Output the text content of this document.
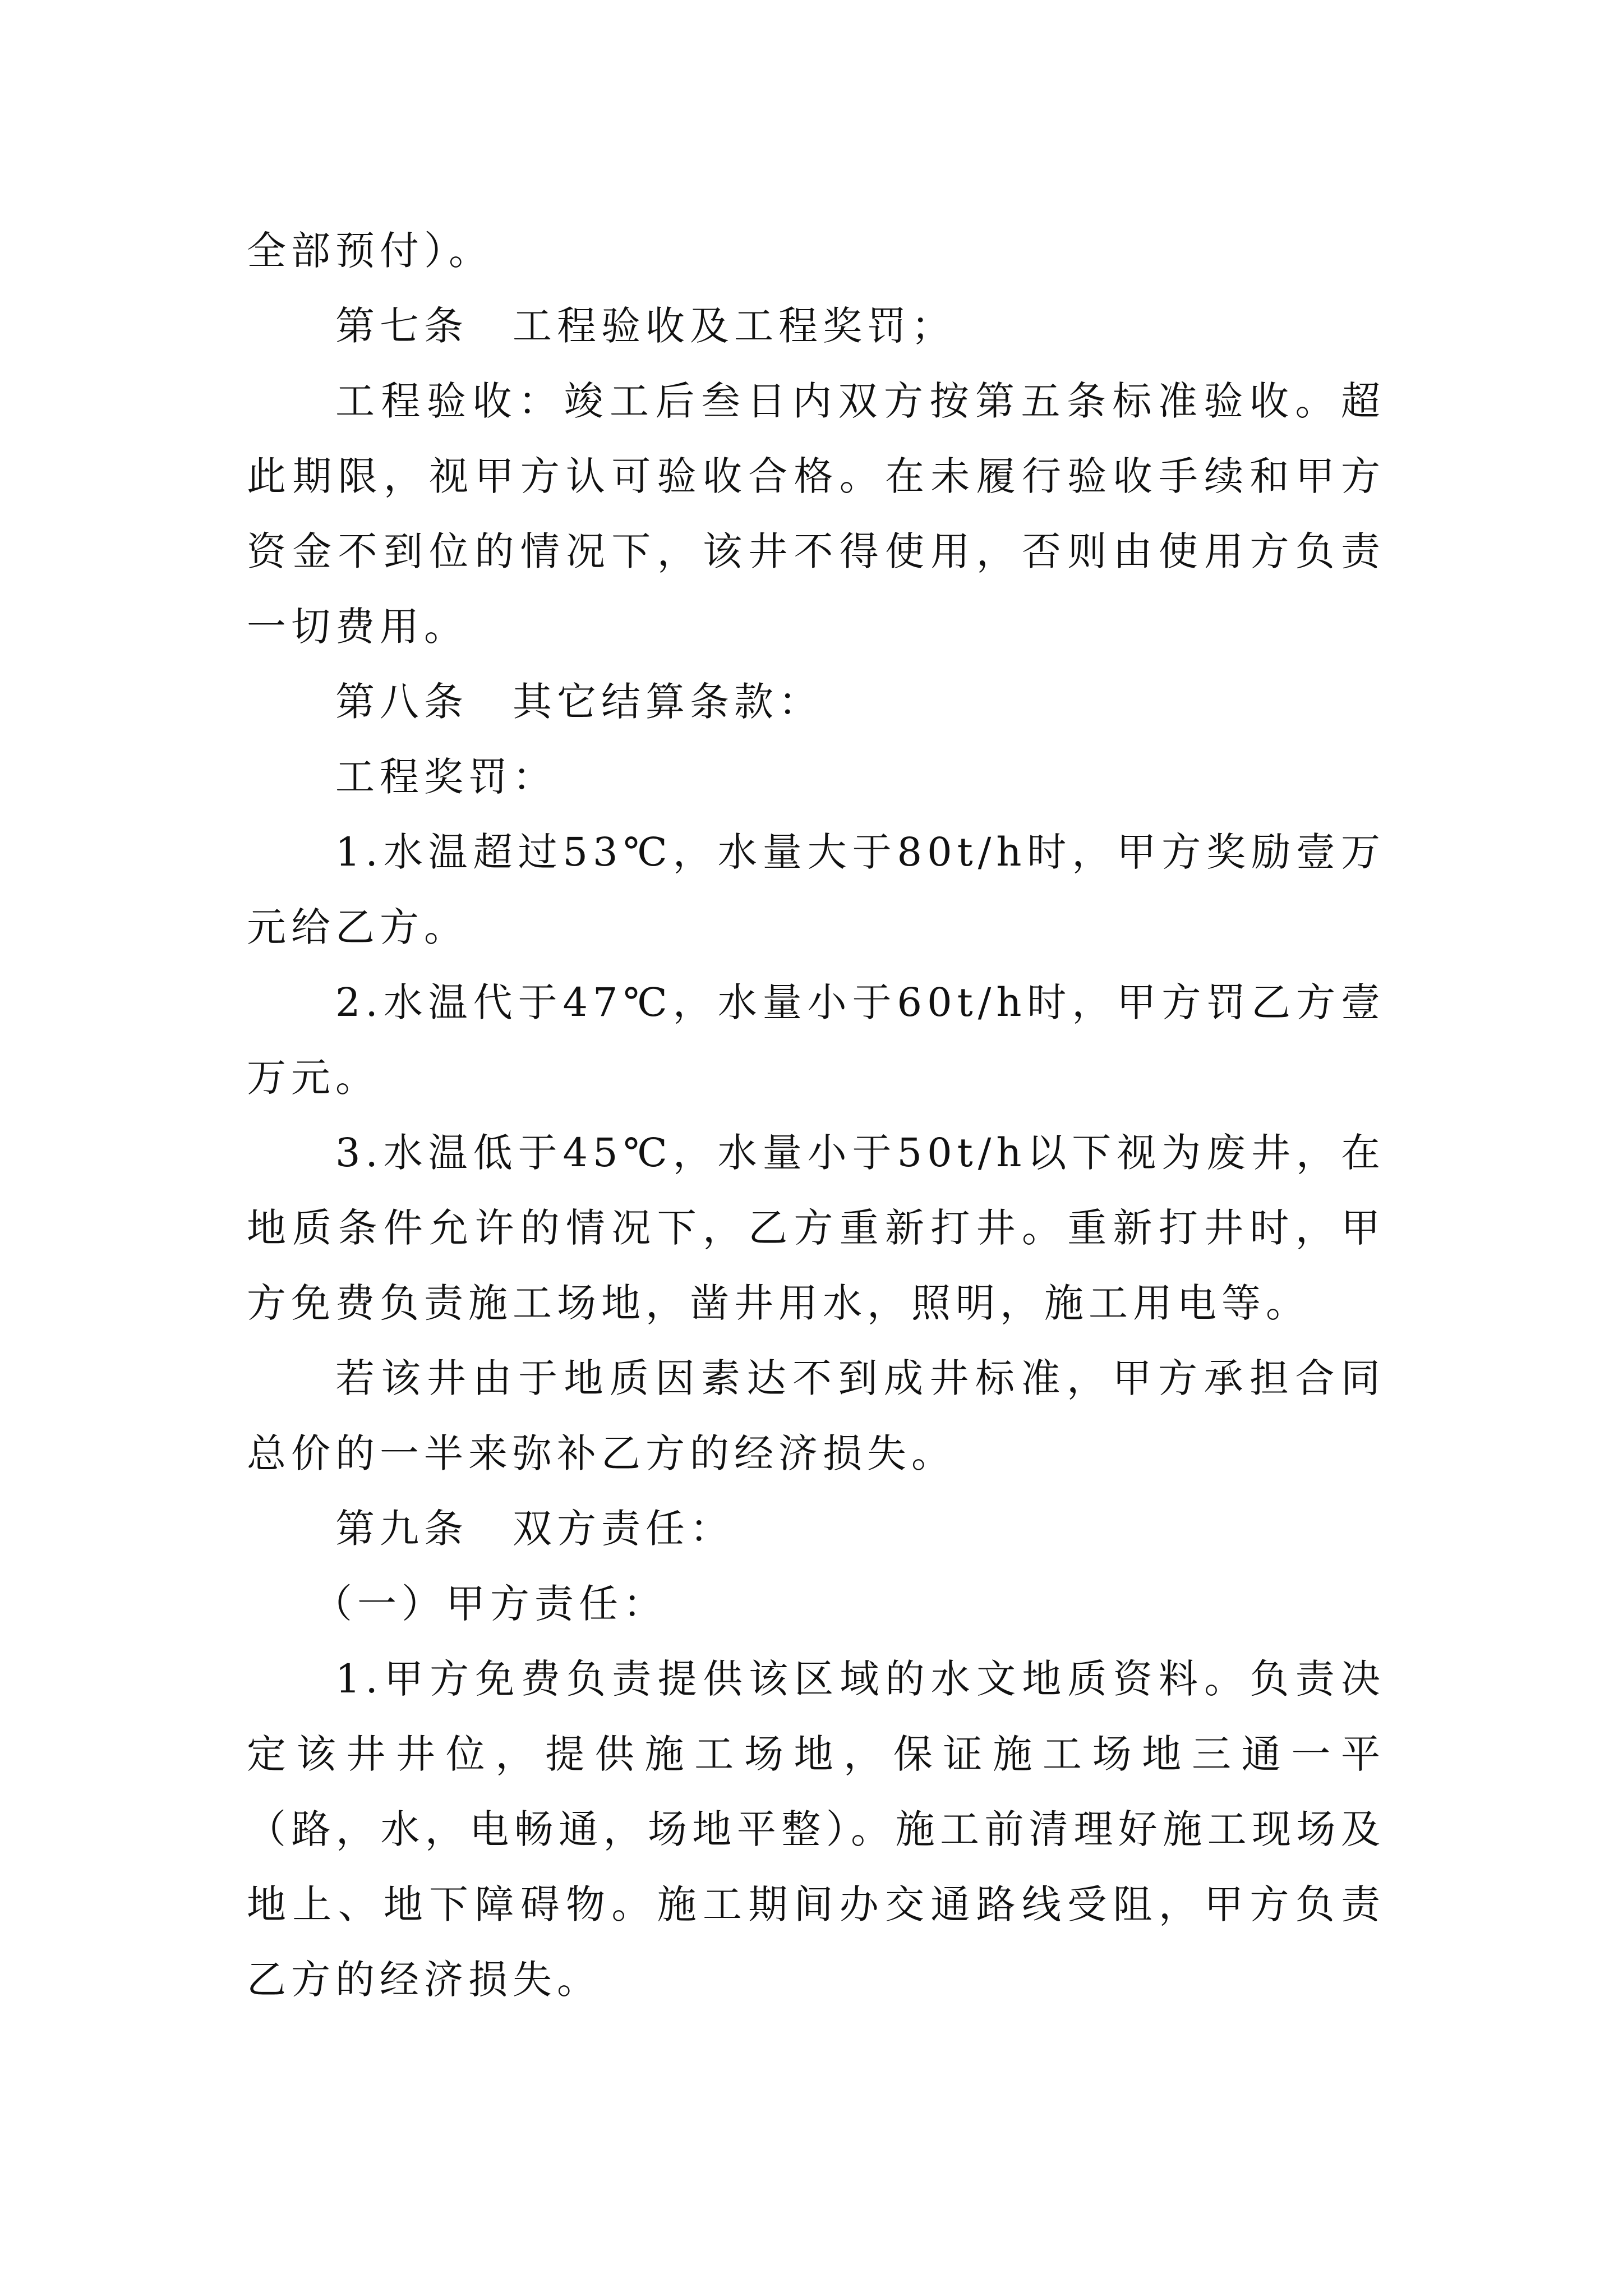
全部预付）。

第七条　工程验收及工程奖罚；

工程验收：竣工后叁日内双方按第五条标准验收。超此期限，视甲方认可验收合格。在未履行验收手续和甲方资金不到位的情况下，该井不得使用，否则由使用方负责一切费用。

第八条　其它结算条款：

工程奖罚：

1.水温超过53℃，水量大于80t/h时，甲方奖励壹万元给乙方。

2.水温代于47℃，水量小于60t/h时，甲方罚乙方壹万元。

3.水温低于45℃，水量小于50t/h以下视为废井，在地质条件允许的情况下，乙方重新打井。重新打井时，甲方免费负责施工场地，凿井用水，照明，施工用电等。

若该井由于地质因素达不到成井标准，甲方承担合同总价的一半来弥补乙方的经济损失。

第九条　双方责任：

（一）甲方责任：

1.甲方免费负责提供该区域的水文地质资料。负责决定该井井位，提供施工场地，保证施工场地三通一平（路，水，电畅通，场地平整）。施工前清理好施工现场及地上、地下障碍物。施工期间办交通路线受阻，甲方负责乙方的经济损失。
